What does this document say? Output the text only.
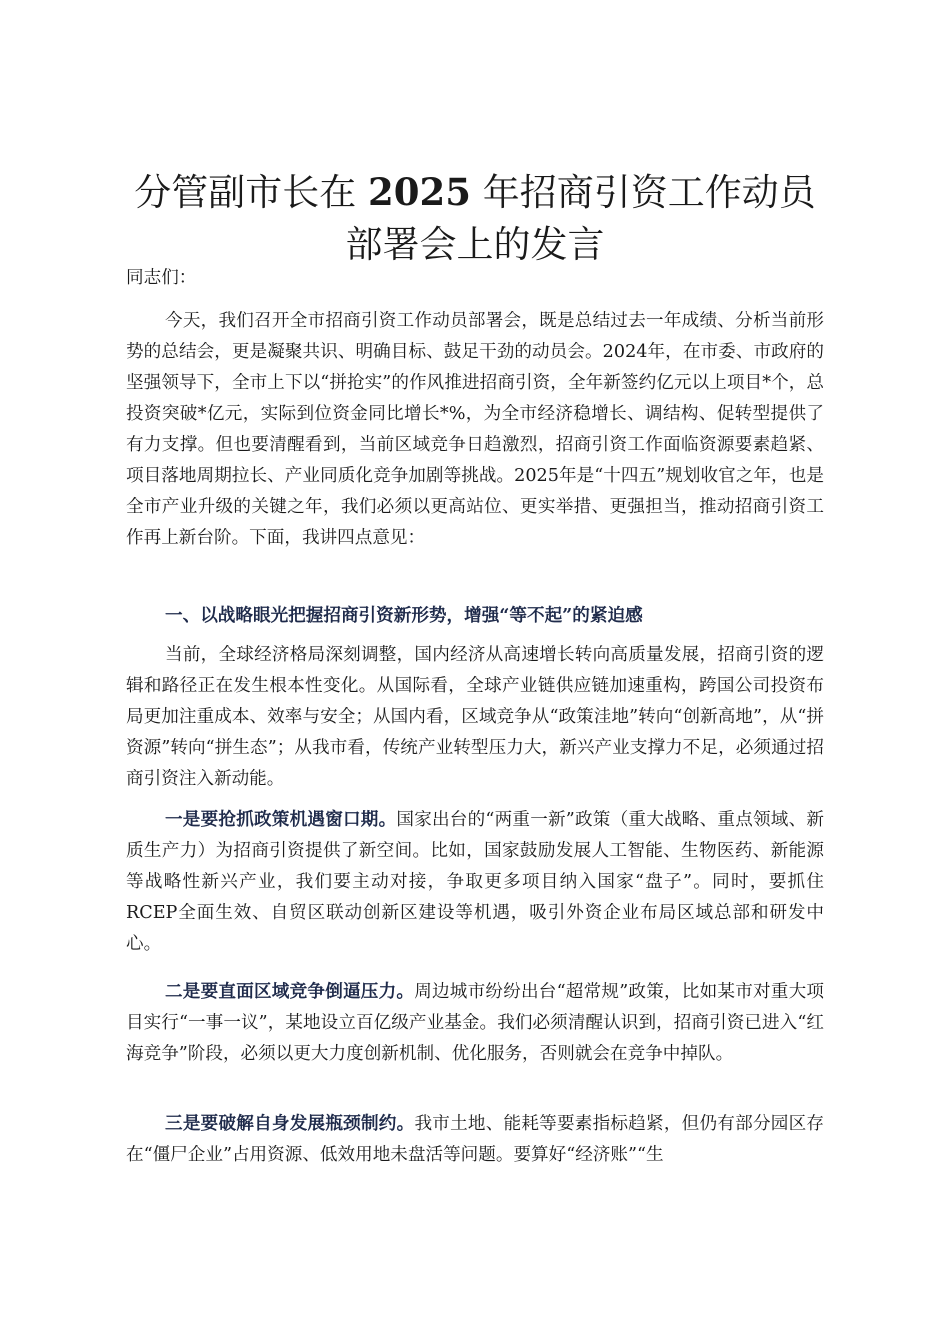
分管副市长在 2025 年招商引资工作动员部署会上的发言

同志们：

今天，我们召开全市招商引资工作动员部署会，既是总结过去一年成绩、分析当前形势的总结会，更是凝聚共识、明确目标、鼓足干劲的动员会。2024年，在市委、市政府的坚强领导下，全市上下以“拼抢实”的作风推进招商引资，全年新签约亿元以上项目*个，总投资突破*亿元，实际到位资金同比增长*%，为全市经济稳增长、调结构、促转型提供了有力支撑。但也要清醒看到，当前区域竞争日趋激烈，招商引资工作面临资源要素趋紧、项目落地周期拉长、产业同质化竞争加剧等挑战。2025年是“十四五”规划收官之年，也是全市产业升级的关键之年，我们必须以更高站位、更实举措、更强担当，推动招商引资工作再上新台阶。下面，我讲四点意见：

一、以战略眼光把握招商引资新形势，增强“等不起”的紧迫感

当前，全球经济格局深刻调整，国内经济从高速增长转向高质量发展，招商引资的逻辑和路径正在发生根本性变化。从国际看，全球产业链供应链加速重构，跨国公司投资布局更加注重成本、效率与安全；从国内看，区域竞争从“政策洼地”转向“创新高地”，从“拼资源”转向“拼生态”；从我市看，传统产业转型压力大，新兴产业支撑力不足，必须通过招商引资注入新动能。

一是要抢抓政策机遇窗口期。国家出台的“两重一新”政策（重大战略、重点领域、新质生产力）为招商引资提供了新空间。比如，国家鼓励发展人工智能、生物医药、新能源等战略性新兴产业，我们要主动对接，争取更多项目纳入国家“盘子”。同时，要抓住RCEP全面生效、自贸区联动创新区建设等机遇，吸引外资企业布局区域总部和研发中心。

二是要直面区域竞争倒逼压力。周边城市纷纷出台“超常规”政策，比如某市对重大项目实行“一事一议”，某地设立百亿级产业基金。我们必须清醒认识到，招商引资已进入“红海竞争”阶段，必须以更大力度创新机制、优化服务，否则就会在竞争中掉队。

三是要破解自身发展瓶颈制约。我市土地、能耗等要素指标趋紧，但仍有部分园区存在“僵尸企业”占用资源、低效用地未盘活等问题。要算好“经济账”“生
